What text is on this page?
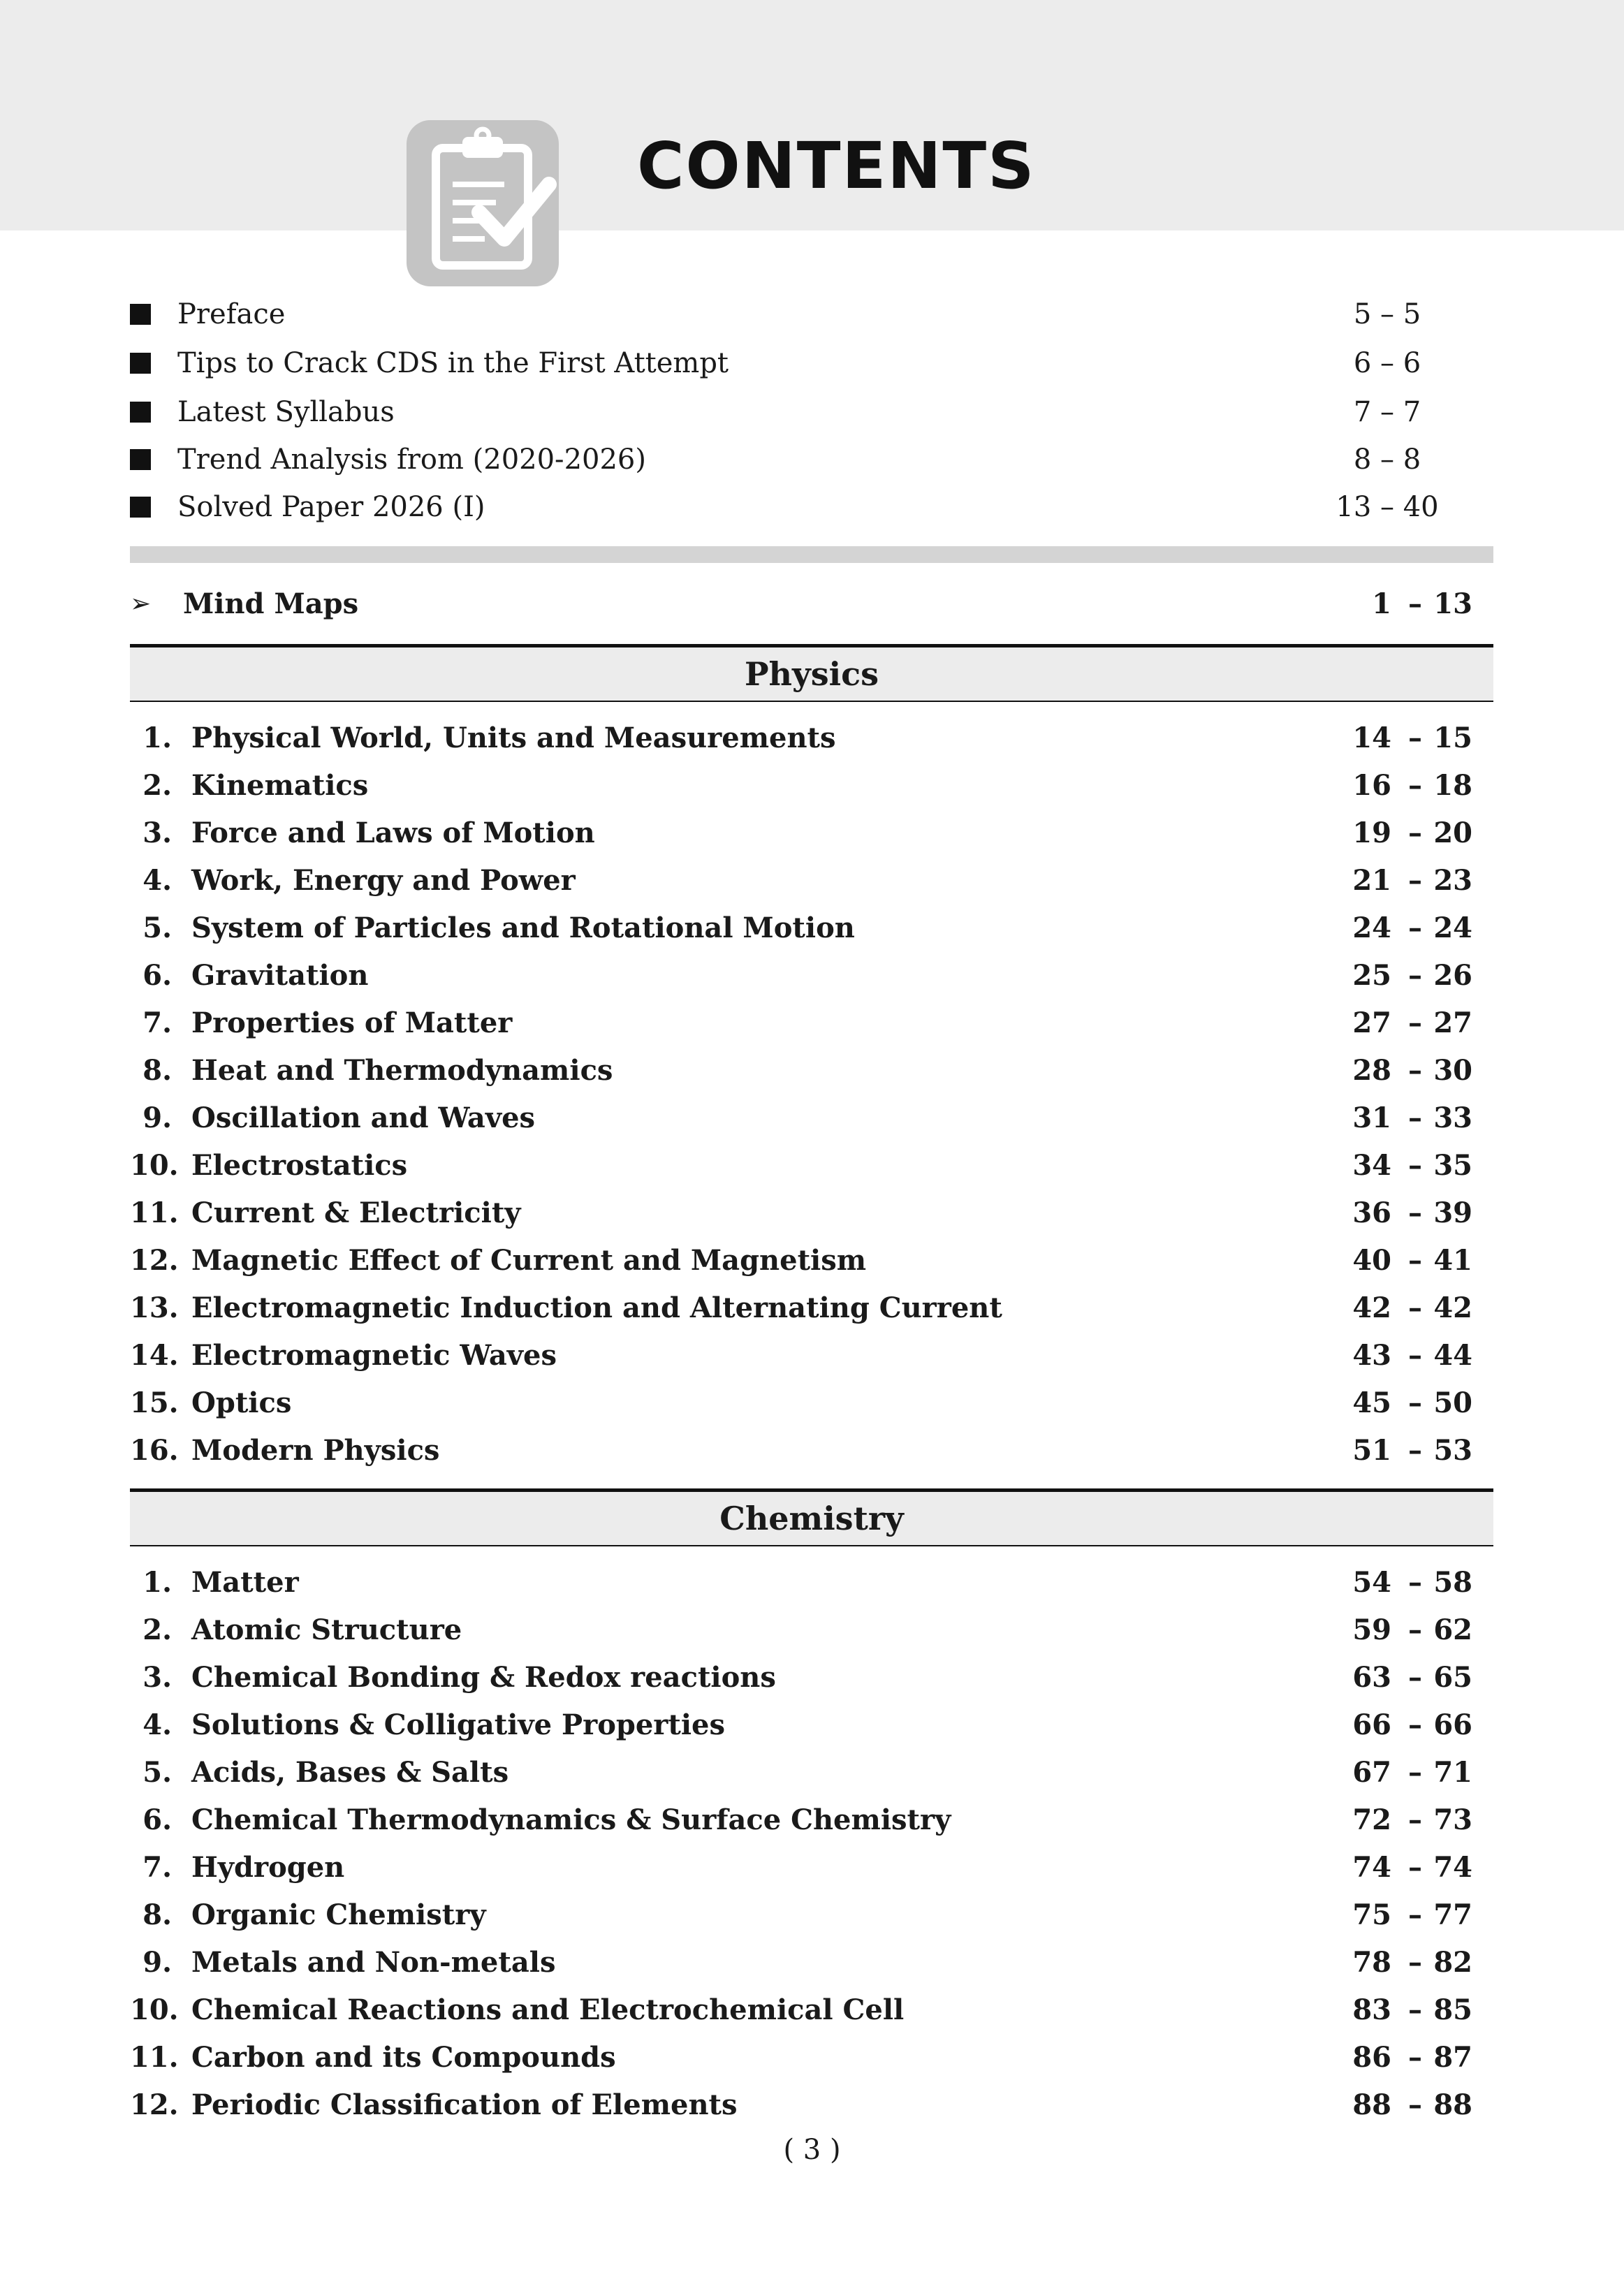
CONTENTS
Preface	5 – 5
Tips to Crack CDS in the First Attempt	6 – 6
Latest Syllabus	7 – 7
Trend Analysis from (2020-2026)	8 – 8
Solved Paper 2026 (I)	13 – 40
➢ Mind Maps	1 – 13
Physics
1. Physical World, Units and Measurements	14 – 15
2. Kinematics	16 – 18
3. Force and Laws of Motion	19 – 20
4. Work, Energy and Power	21 – 23
5. System of Particles and Rotational Motion	24 – 24
6. Gravitation	25 – 26
7. Properties of Matter	27 – 27
8. Heat and Thermodynamics	28 – 30
9. Oscillation and Waves	31 – 33
10. Electrostatics	34 – 35
11. Current & Electricity	36 – 39
12. Magnetic Effect of Current and Magnetism	40 – 41
13. Electromagnetic Induction and Alternating Current	42 – 42
14. Electromagnetic Waves	43 – 44
15. Optics	45 – 50
16. Modern Physics	51 – 53
Chemistry
1. Matter	54 – 58
2. Atomic Structure	59 – 62
3. Chemical Bonding & Redox reactions	63 – 65
4. Solutions & Colligative Properties	66 – 66
5. Acids, Bases & Salts	67 – 71
6. Chemical Thermodynamics & Surface Chemistry	72 – 73
7. Hydrogen	74 – 74
8. Organic Chemistry	75 – 77
9. Metals and Non-metals	78 – 82
10. Chemical Reactions and Electrochemical Cell	83 – 85
11. Carbon and its Compounds	86 – 87
12. Periodic Classification of Elements	88 – 88
( 3 )
